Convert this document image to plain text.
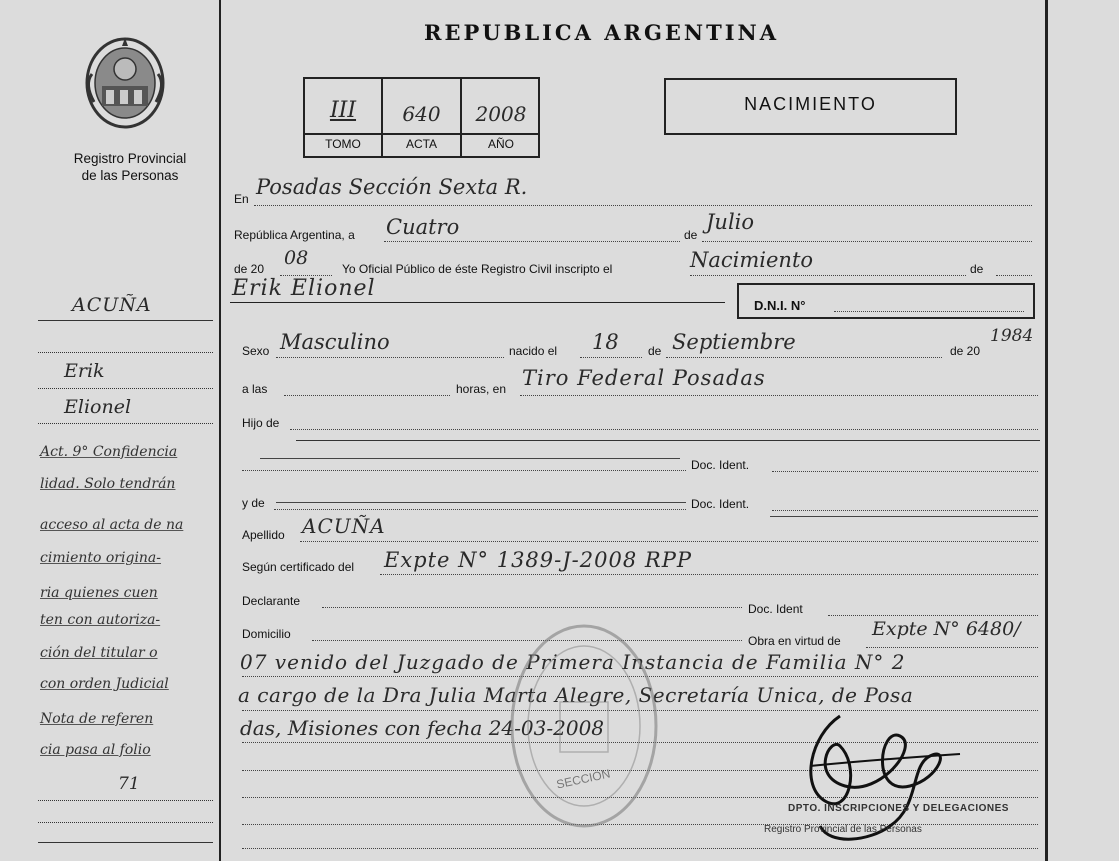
Registro Provincial
de las Personas
ACUÑA
Erik
Elionel
Act. 9° Confidencia
lidad. Solo tendrán
acceso al acta de na
cimiento origina-
ria quienes cuen
ten con autoriza-
ción del titular o
con orden Judicial
Nota de referen
cia pasa al folio
71
REPUBLICA ARGENTINA
III	640	2008
TOMO	ACTA	AÑO
NACIMIENTO
En Posadas Sección Sexta R.
República Argentina, a Cuatro	de
Julio
de 20 08	Yo Oficial Público de éste Registro Civil inscripto el	Nacimiento	de
Erik Elionel
D.N.I. N°
Sexo Masculino	nacido el 18 de Septiembre	de 20
1984
a las	horas, en Tiro Federal Posadas
Hijo de
Doc. Ident.
y de	Doc. Ident.
Apellido ACUÑA
Según certificado del Expte N° 1389-J-2008 RPP
Declarante
Doc. Ident
Domicilio	Obra en virtud de
Expte N° 6480/
07 venido del Juzgado de Primera Instancia de Familia N° 2
a cargo de la Dra Julia Marta Alegre, Secretaría Unica, de Posa
das, Misiones con fecha 24-03-2008
SECCION
DPTO. INSCRIPCIONES Y DELEGACIONES
Registro Provincial de las Personas
